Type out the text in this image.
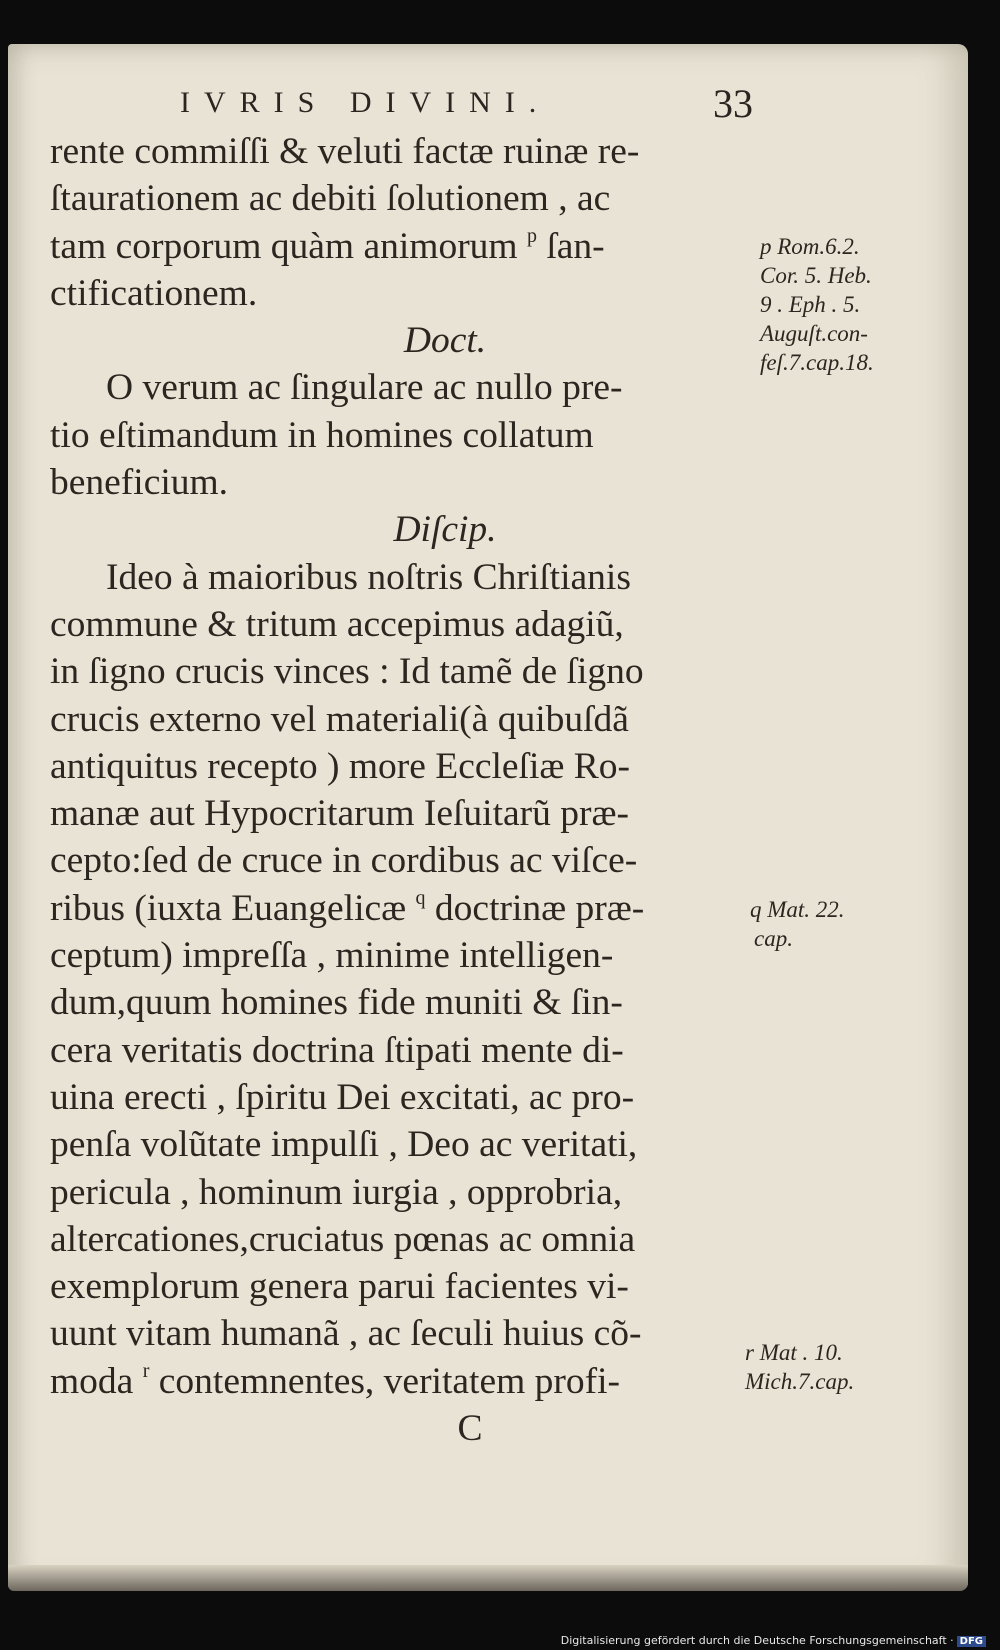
IVRIS DIVINI.	33
rente commiſſi & veluti factæ ruinæ re-
ſtaurationem ac debiti ſolutionem , ac
tam corporum quàm animorum $^p$ ſan-
ctificationem.
Doct.
O verum ac ſingulare ac nullo pre-
tio eſtimandum in homines collatum
beneficium.
Diſcip.
Ideo à maioribus noſtris Chriſtianis
commune & tritum accepimus adagiũ,
in ſigno crucis vinces : Id tamẽ de ſigno
crucis externo vel materiali(à quibuſdã
antiquitus recepto ) more Eccleſiæ Ro-
manæ aut Hypocritarum Ieſuitarũ præ-
cepto:ſed de cruce in cordibus ac viſce-
ribus (iuxta Euangelicæ $^q$ doctrinæ præ-
ceptum) impreſſa , minime intelligen-
dum,quum homines fide muniti & ſin-
cera veritatis doctrina ſtipati mente di-
uina erecti , ſpiritu Dei excitati, ac pro-
penſa volũtate impulſi , Deo ac veritati,
pericula , hominum iurgia , opprobria,
altercationes,cruciatus pœnas ac omnia
exemplorum genera parui facientes vi-
uunt vitam humanã , ac ſeculi huius cõ-
moda $^r$ contemnentes, veritatem profi-
C
p Rom.6.2.
Cor. 5. Heb.
9 . Eph . 5.
Auguſt.con-
feſ.7.cap.18.
q Mat. 22.
cap.
r Mat . 10.
Mich.7.cap.
Digitalisierung gefördert durch die Deutsche Forschungsgemeinschaft · DFG
